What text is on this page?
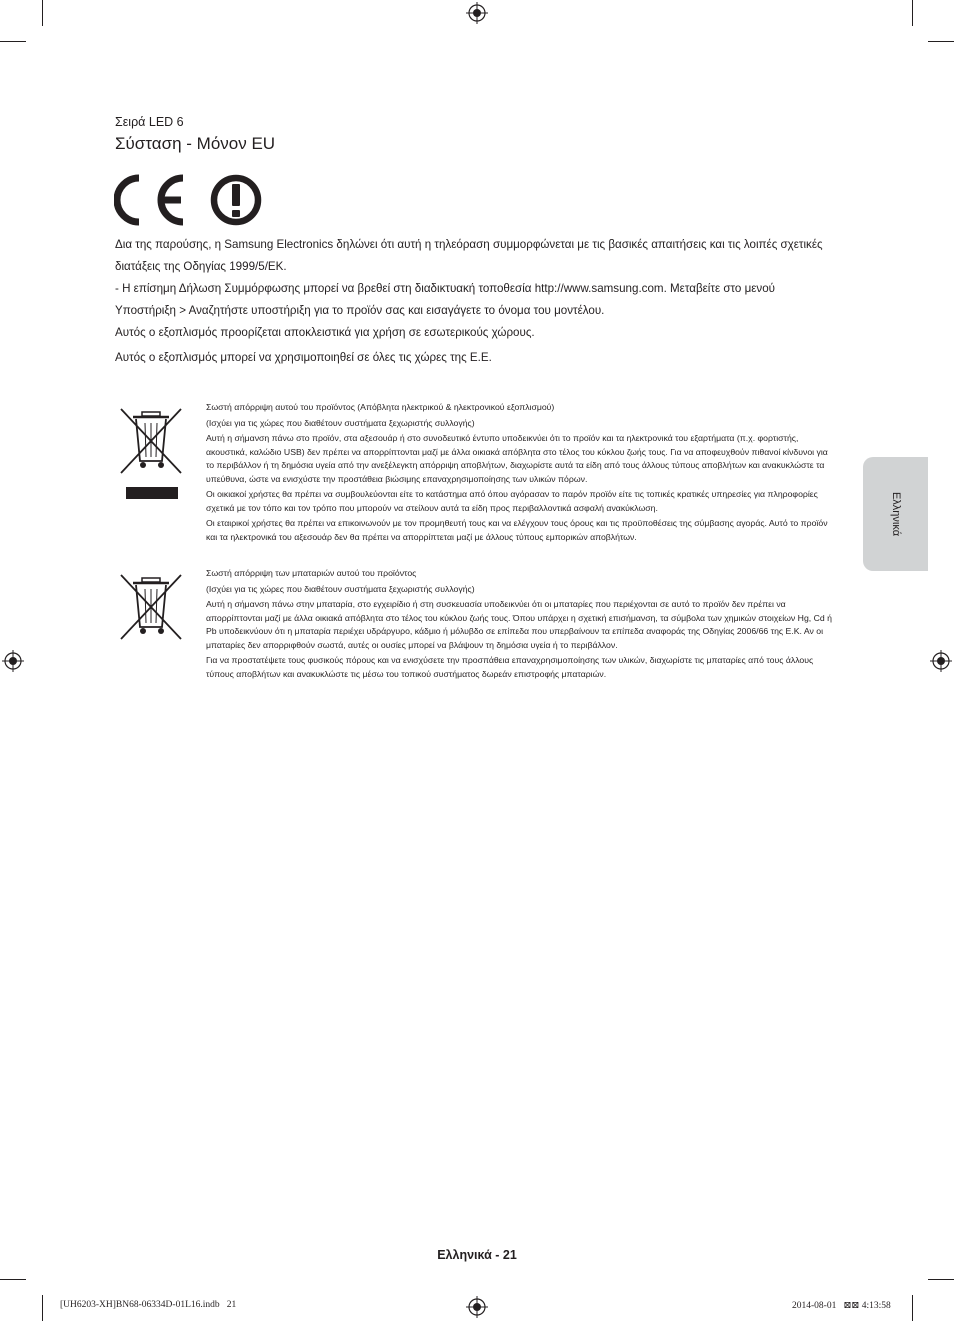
Σειρά LED 6
Σύσταση - Μόνον EU

Δια της παρούσης, η Samsung Electronics δηλώνει ότι αυτή η τηλεόραση συμμορφώνεται με τις βασικές απαιτήσεις και τις λοιπές σχετικές διατάξεις της Οδηγίας 1999/5/EK.

- Η επίσημη Δήλωση Συμμόρφωσης μπορεί να βρεθεί στη διαδικτυακή τοποθεσία http://www.samsung.com. Μεταβείτε στο μενού Υποστήριξη > Αναζητήστε υποστήριξη για το προϊόν σας και εισαγάγετε το όνομα του μοντέλου.

Αυτός ο εξοπλισμός προορίζεται αποκλειστικά για χρήση σε εσωτερικούς χώρους.

Αυτός ο εξοπλισμός μπορεί να χρησιμοποιηθεί σε όλες τις χώρες της Ε.Ε.

Σωστή απόρριψη αυτού του προϊόντος (Απόβλητα ηλεκτρικού & ηλεκτρονικού εξοπλισμού)

(Ισχύει για τις χώρες που διαθέτουν συστήματα ξεχωριστής συλλογής)

Αυτή η σήμανση πάνω στο προϊόν, στα αξεσουάρ ή στο συνοδευτικό έντυπο υποδεικνύει ότι το προϊόν και τα ηλεκτρονικά του εξαρτήματα (π.χ. φορτιστής, ακουστικά, καλώδιο USB) δεν πρέπει να απορρίπτονται μαζί με άλλα οικιακά απόβλητα στο τέλος του κύκλου ζωής τους. Για να αποφευχθούν πιθανοί κίνδυνοι για το περιβάλλον ή τη δημόσια υγεία από την ανεξέλεγκτη απόρριψη αποβλήτων, διαχωρίστε αυτά τα είδη από τους άλλους τύπους αποβλήτων και ανακυκλώστε τα υπεύθυνα, ώστε να ενισχύστε την προστάθεια βιώσιμης επαναχρησιμοποίησης των υλικών πόρων.

Οι οικιακοί χρήστες θα πρέπει να συμβουλεύονται είτε το κατάστημα από όπου αγόρασαν το παρόν προϊόν είτε τις τοπικές κρατικές υπηρεσίες για πληροφορίες σχετικά με τον τόπο και τον τρόπο που μπορούν να στείλουν αυτά τα είδη προς περιβαλλοντικά ασφαλή ανακύκλωση.

Οι εταιρικοί χρήστες θα πρέπει να επικοινωνούν με τον προμηθευτή τους και να ελέγχουν τους όρους και τις προϋποθέσεις της σύμβασης αγοράς. Αυτό το προϊόν και τα ηλεκτρονικά του αξεσουάρ δεν θα πρέπει να απορρίπτεται μαζί με άλλους τύπους εμπορικών αποβλήτων.

Σωστή απόρριψη των μπαταριών αυτού του προϊόντος

(Ισχύει για τις χώρες που διαθέτουν συστήματα ξεχωριστής συλλογής)

Αυτή η σήμανση πάνω στην μπαταρία, στο εγχειρίδιο ή στη συσκευασία υποδεικνύει ότι οι μπαταρίες που περιέχονται σε αυτό το προϊόν δεν πρέπει να απορρίπτονται μαζί με άλλα οικιακά απόβλητα στο τέλος του κύκλου ζωής τους. Όπου υπάρχει η σχετική επισήμανση, τα σύμβολα των χημικών στοιχείων Hg, Cd ή Pb υποδεικνύουν ότι η μπαταρία περιέχει υδράργυρο, κάδμιο ή μόλυβδο σε επίπεδα που υπερβαίνουν τα επίπεδα αναφοράς της Οδηγίας 2006/66 της Ε.Κ. Αν οι μπαταρίες δεν απορριφθούν σωστά, αυτές οι ουσίες μπορεί να βλάψουν τη δημόσια υγεία ή το περιβάλλον.

Για να προστατέψετε τους φυσικούς πόρους και να ενισχύσετε την προσπάθεια επαναχρησιμοποίησης των υλικών, διαχωρίστε τις μπαταρίες από τους άλλους τύπους αποβλήτων και ανακυκλώστε τις μέσω του τοπικού συστήματος δωρεάν επιστροφής μπαταριών.

Ελληνικά
Ελληνικά - 21
[UH6203-XH]BN68-06334D-01L16.indb   21	2014-08-01   ⊠⊠ 4:13:58
